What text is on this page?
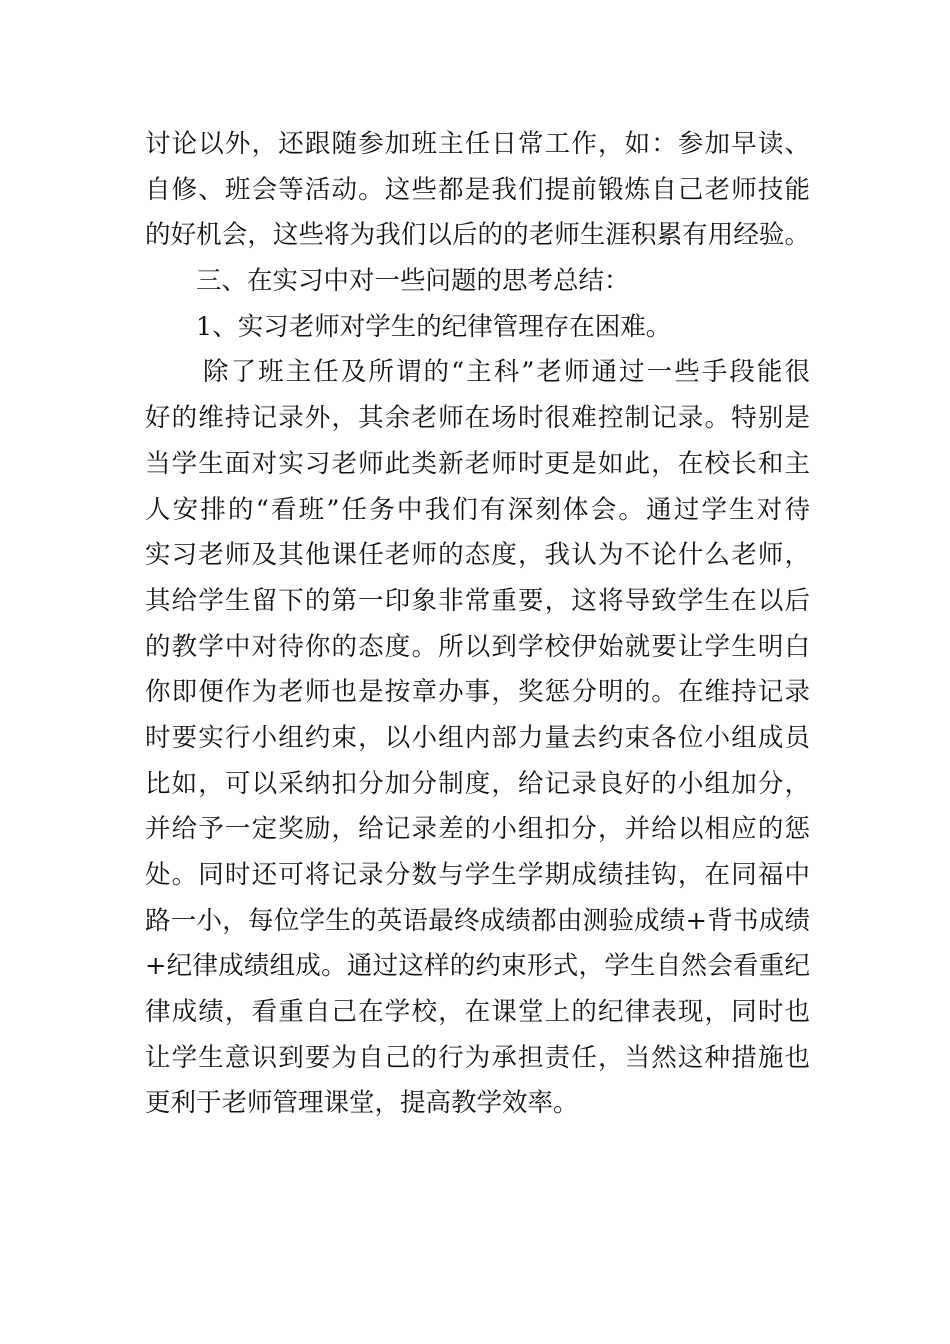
讨论以外，还跟随参加班主任日常工作，如：参加早读、
自修、班会等活动。这些都是我们提前锻炼自己老师技能
的好机会，这些将为我们以后的的老师生涯积累有用经验。
三、在实习中对一些问题的思考总结：
1、实习老师对学生的纪律管理存在困难。
除了班主任及所谓的“主科”老师通过一些手段能很
好的维持记录外，其余老师在场时很难控制记录。特别是
当学生面对实习老师此类新老师时更是如此，在校长和主
人安排的“看班”任务中我们有深刻体会。通过学生对待
实习老师及其他课任老师的态度，我认为不论什么老师，
其给学生留下的第一印象非常重要，这将导致学生在以后
的教学中对待你的态度。所以到学校伊始就要让学生明白
你即便作为老师也是按章办事，奖惩分明的。在维持记录
时要实行小组约束，以小组内部力量去约束各位小组成员
比如，可以采纳扣分加分制度，给记录良好的小组加分，
并给予一定奖励，给记录差的小组扣分，并给以相应的惩
处。同时还可将记录分数与学生学期成绩挂钩，在同福中
路一小，每位学生的英语最终成绩都由测验成绩+背书成绩
+纪律成绩组成。通过这样的约束形式，学生自然会看重纪
律成绩，看重自己在学校，在课堂上的纪律表现，同时也
让学生意识到要为自己的行为承担责任，当然这种措施也
更利于老师管理课堂，提高教学效率。
